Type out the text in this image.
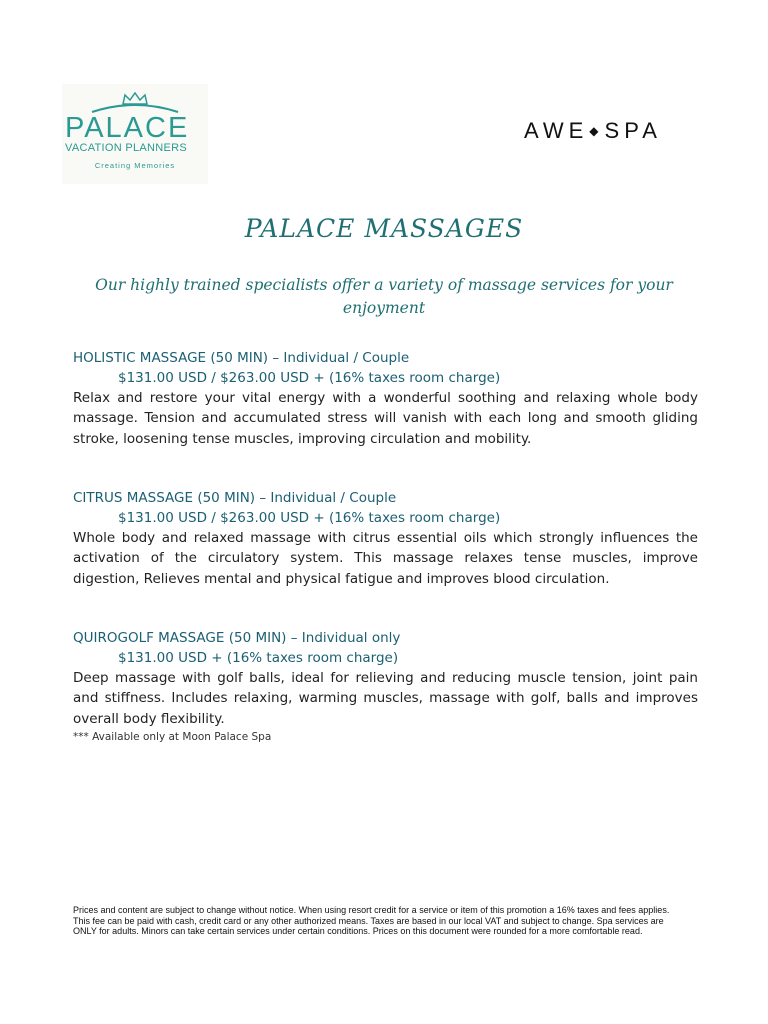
PALACE
VACATION PLANNERS
Creating Memories
AWE◆SPA
PALACE MASSAGES
Our highly trained specialists offer a variety of massage services for your enjoyment
HOLISTIC MASSAGE (50 MIN) – Individual / Couple
$131.00 USD / $263.00 USD + (16% taxes room charge)
Relax and restore your vital energy with a wonderful soothing and relaxing whole body massage. Tension and accumulated stress will vanish with each long and smooth gliding stroke, loosening tense muscles, improving circulation and mobility.
CITRUS MASSAGE (50 MIN) – Individual / Couple
$131.00 USD / $263.00 USD + (16% taxes room charge)
Whole body and relaxed massage with citrus essential oils which strongly influences the activation of the circulatory system. This massage relaxes tense muscles, improve digestion, Relieves mental and physical fatigue and improves blood circulation.
QUIROGOLF MASSAGE (50 MIN) – Individual only
$131.00 USD + (16% taxes room charge)
Deep massage with golf balls, ideal for relieving and reducing muscle tension, joint pain and stiffness. Includes relaxing, warming muscles, massage with golf, balls and improves overall body flexibility.
*** Available only at Moon Palace Spa
Prices and content are subject to change without notice. When using resort credit for a service or item of this promotion a 16% taxes and fees applies. This fee can be paid with cash, credit card or any other authorized means. Taxes are based in our local VAT and subject to change. Spa services are ONLY for adults. Minors can take certain services under certain conditions. Prices on this document were rounded for a more comfortable read.
